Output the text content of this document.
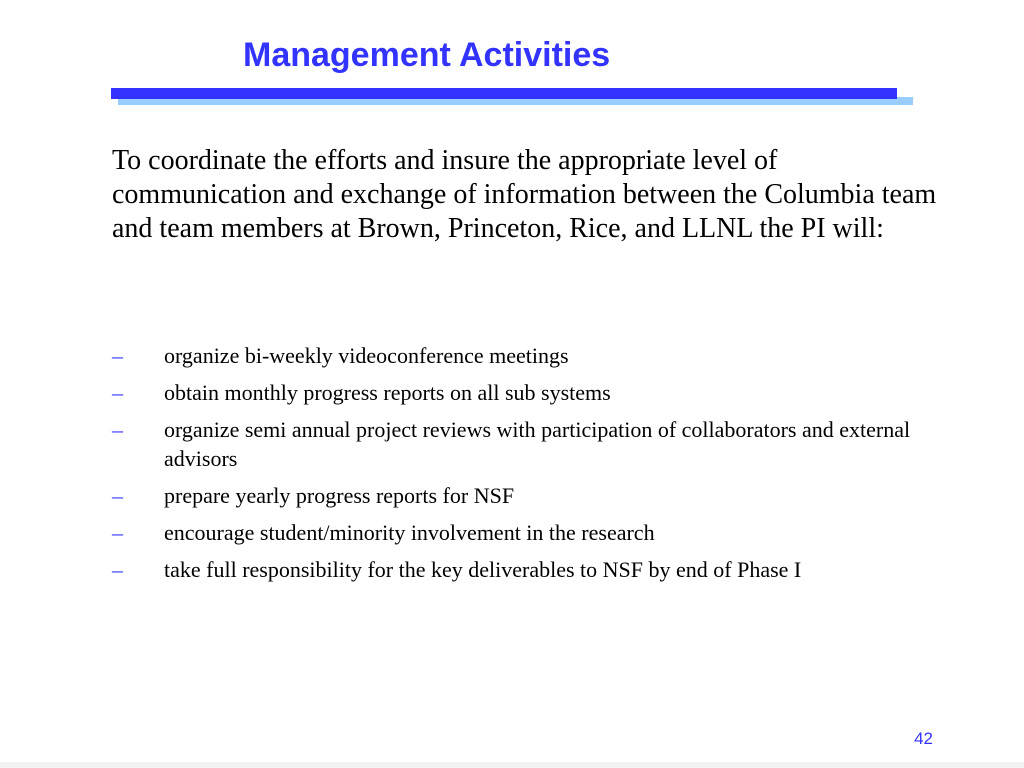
Management Activities
To coordinate the efforts and insure the appropriate level of communication and exchange of information between the Columbia team and team members at Brown, Princeton, Rice, and LLNL the PI will:
– organize bi-weekly videoconference meetings
– obtain monthly progress reports on all sub systems
– organize semi annual project reviews with participation of collaborators and external advisors
– prepare yearly progress reports for NSF
– encourage student/minority involvement in the research
– take full responsibility for the key deliverables to NSF by end of Phase I
42
